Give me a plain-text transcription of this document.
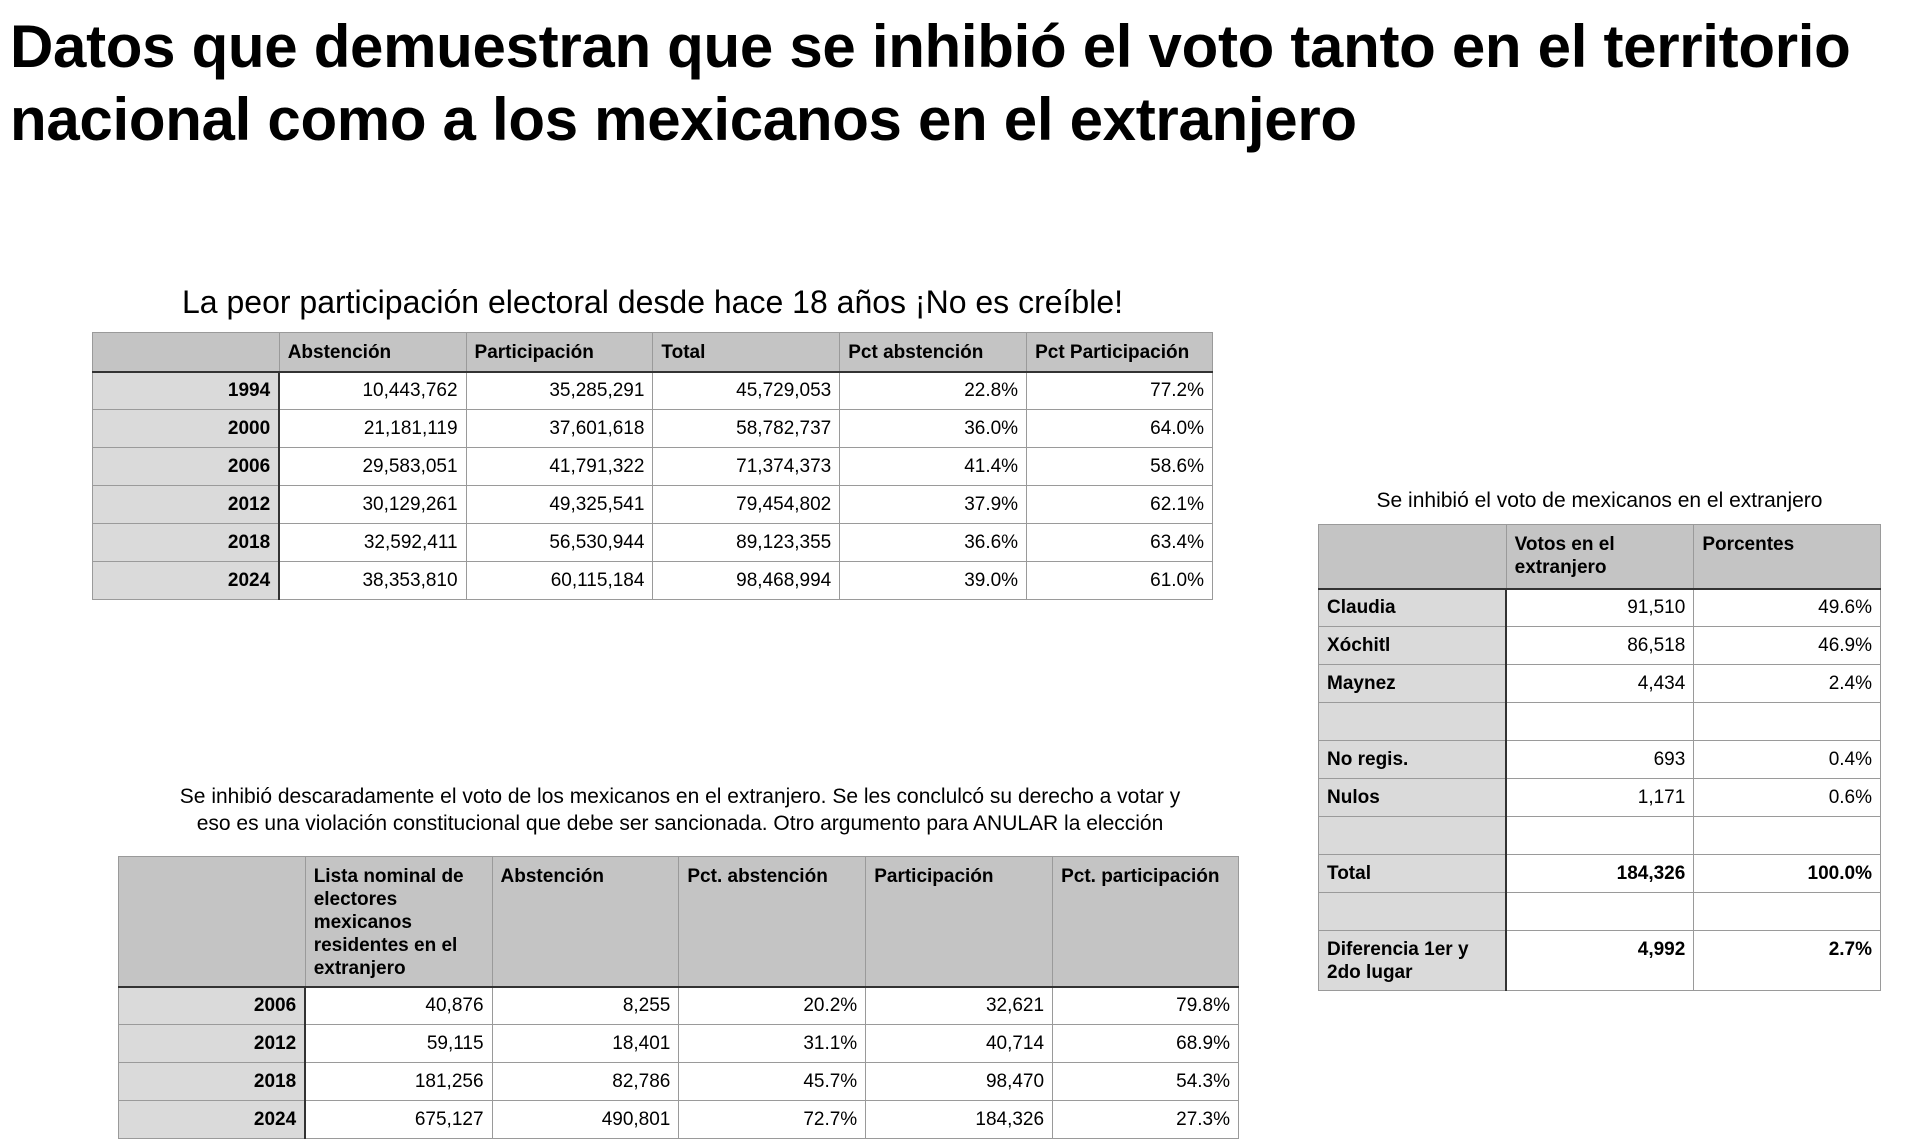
Datos que demuestran que se inhibió el voto tanto en el territorio nacional como a los mexicanos en el extranjero
La peor participación electoral desde hace 18 años ¡No es creíble!
	Abstención	Participación	Total	Pct abstención	Pct Participación
1994	10,443,762	35,285,291	45,729,053	22.8%	77.2%
2000	21,181,119	37,601,618	58,782,737	36.0%	64.0%
2006	29,583,051	41,791,322	71,374,373	41.4%	58.6%
2012	30,129,261	49,325,541	79,454,802	37.9%	62.1%
2018	32,592,411	56,530,944	89,123,355	36.6%	63.4%
2024	38,353,810	60,115,184	98,468,994	39.0%	61.0%
Se inhibió descaradamente el voto de los mexicanos en el extranjero. Se les conclulcó su derecho a votar y
eso es una violación constitucional que debe ser sancionada. Otro argumento para ANULAR la elección
	Lista nominal de electores mexicanos residentes en el extranjero	Abstención	Pct. abstención	Participación	Pct. participación
2006	40,876	8,255	20.2%	32,621	79.8%
2012	59,115	18,401	31.1%	40,714	68.9%
2018	181,256	82,786	45.7%	98,470	54.3%
2024	675,127	490,801	72.7%	184,326	27.3%
Se inhibió el voto de mexicanos en el extranjero
	Votos en el extranjero	Porcentes
Claudia	91,510	49.6%
Xóchitl	86,518	46.9%
Maynez	4,434	2.4%

No regis.	693	0.4%
Nulos	1,171	0.6%

Total	184,326	100.0%

Diferencia 1er y 2do lugar	4,992	2.7%
